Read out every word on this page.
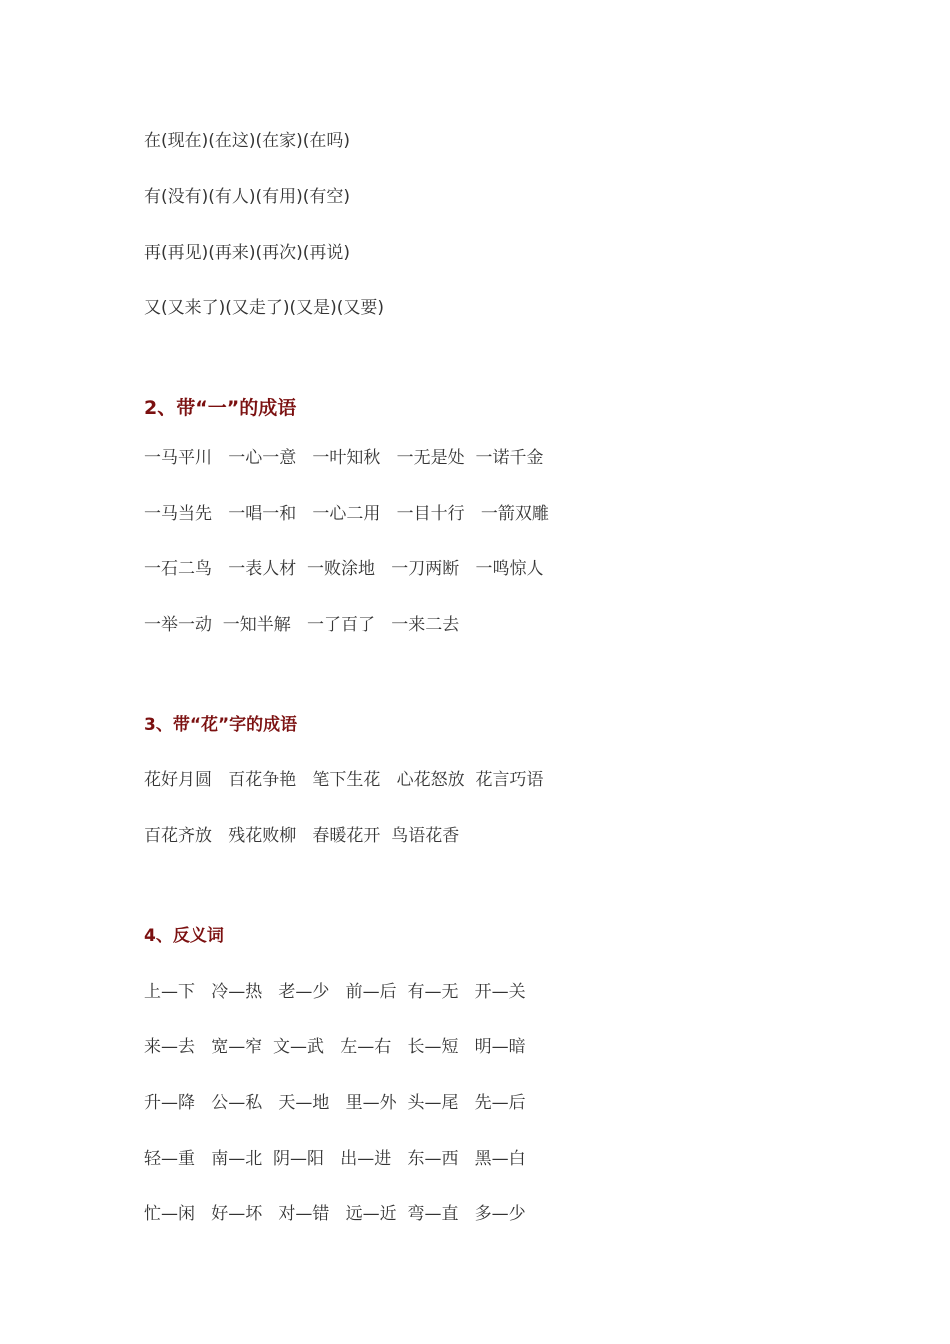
在(现在)(在这)(在家)(在吗)

有(没有)(有人)(有用)(有空)

再(再见)(再来)(再次)(再说)

又(又来了)(又走了)(又是)(又要)

2、带“一”的成语

一马平川   一心一意   一叶知秋   一无是处  一诺千金

一马当先   一唱一和   一心二用   一目十行   一箭双雕

一石二鸟   一表人材  一败涂地   一刀两断   一鸣惊人

一举一动  一知半解   一了百了   一来二去

3、带“花”字的成语

花好月圆   百花争艳   笔下生花   心花怒放  花言巧语

百花齐放   残花败柳   春暖花开  鸟语花香

4、反义词

上—下   冷—热   老—少   前—后  有—无   开—关

来—去   宽—窄  文—武   左—右   长—短   明—暗

升—降   公—私   天—地   里—外  头—尾   先—后

轻—重   南—北  阴—阳   出—进   东—西   黑—白

忙—闲   好—坏   对—错   远—近  弯—直   多—少
